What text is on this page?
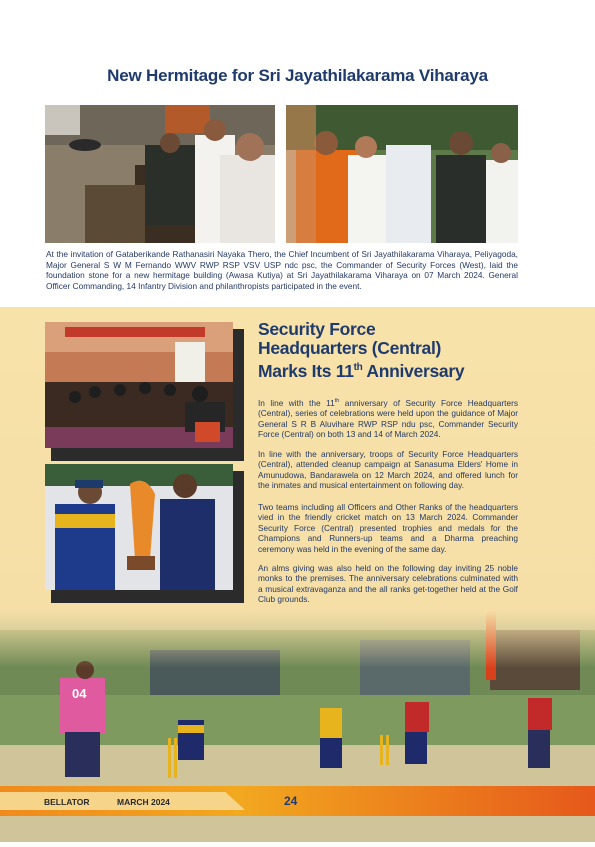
New Hermitage for Sri Jayathilakarama Viharaya
At the invitation of Gataberikande Rathanasiri Nayaka Thero, the Chief Incumbent of Sri Jayathilakarama Viharaya, Peliyagoda, Major General S W M Fernando WWV RWP RSP VSV USP ndc psc, the Commander of Security Forces (West), laid the foundation stone for a new hermitage building (Awasa Kutiya) at Sri Jayathilakarama Viharaya on 07 March 2024. General Officer Commanding, 14 Infantry Division and philanthropists participated in the event.
Security Force
Headquarters (Central)
Marks Its 11th Anniversary
In line with the 11th anniversary of Security Force Headquarters (Central), series of celebrations were held upon the guidance of Major General S R B Aluvihare RWP RSP ndu psc, Commander Security Force (Central) on both 13 and 14 of March 2024.
In line with the anniversary, troops of Security Force Headquarters (Central), attended cleanup campaign at Sanasuma Elders' Home in Amunudowa, Bandarawela on 12 March 2024, and offered lunch for the inmates and musical entertainment on following day.
Two teams including all Officers and Other Ranks of the headquarters vied in the friendly cricket match on 13 March 2024. Commander Security Force (Central) presented trophies and medals for the Champions and Runners-up teams and a Dharma preaching ceremony was held in the evening of the same day.
An alms giving was also held on the following day inviting 25 noble monks to the premises. The anniversary celebrations culminated with a musical extravaganza and the all ranks get-together held at the Golf Club grounds.
04
BELLATOR	MARCH 2024	24
